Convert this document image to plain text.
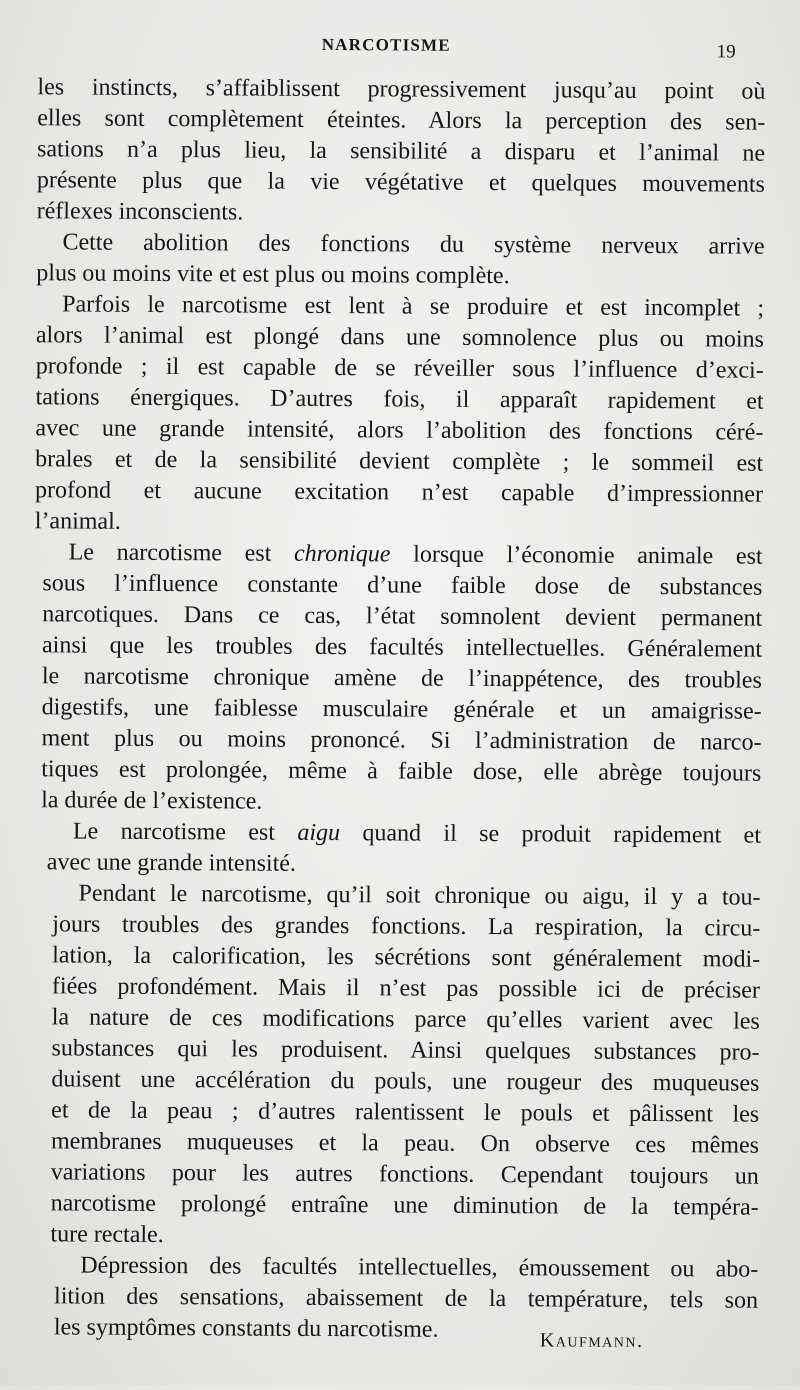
NARCOTISME	19
les instincts, s’affaiblissent progressivement jusqu’au point où
elles sont complètement éteintes. Alors la perception des sen-
sations n’a plus lieu, la sensibilité a disparu et l’animal ne
présente plus que la vie végétative et quelques mouvements
réflexes inconscients.
Cette abolition des fonctions du système nerveux arrive
plus ou moins vite et est plus ou moins complète.
Parfois le narcotisme est lent à se produire et est incomplet ;
alors l’animal est plongé dans une somnolence plus ou moins
profonde ; il est capable de se réveiller sous l’influence d’exci-
tations énergiques. D’autres fois, il apparaît rapidement et
avec une grande intensité, alors l’abolition des fonctions céré-
brales et de la sensibilité devient complète ; le sommeil est
profond et aucune excitation n’est capable d’impressionner
l’animal.
Le narcotisme est chronique lorsque l’économie animale est
sous l’influence constante d’une faible dose de substances
narcotiques. Dans ce cas, l’état somnolent devient permanent
ainsi que les troubles des facultés intellectuelles. Généralement
le narcotisme chronique amène de l’inappétence, des troubles
digestifs, une faiblesse musculaire générale et un amaigrisse-
ment plus ou moins prononcé. Si l’administration de narco-
tiques est prolongée, même à faible dose, elle abrège toujours
la durée de l’existence.
Le narcotisme est aigu quand il se produit rapidement et
avec une grande intensité.
Pendant le narcotisme, qu’il soit chronique ou aigu, il y a tou-
jours troubles des grandes fonctions. La respiration, la circu-
lation, la calorification, les sécrétions sont généralement modi-
fiées profondément. Mais il n’est pas possible ici de préciser
la nature de ces modifications parce qu’elles varient avec les
substances qui les produisent. Ainsi quelques substances pro-
duisent une accélération du pouls, une rougeur des muqueuses
et de la peau ; d’autres ralentissent le pouls et pâlissent les
membranes muqueuses et la peau. On observe ces mêmes
variations pour les autres fonctions. Cependant toujours un
narcotisme prolongé entraîne une diminution de la tempéra-
ture rectale.
Dépression des facultés intellectuelles, émoussement ou abo-
lition des sensations, abaissement de la température, tels son
les symptômes constants du narcotisme.	Kaufmann.
